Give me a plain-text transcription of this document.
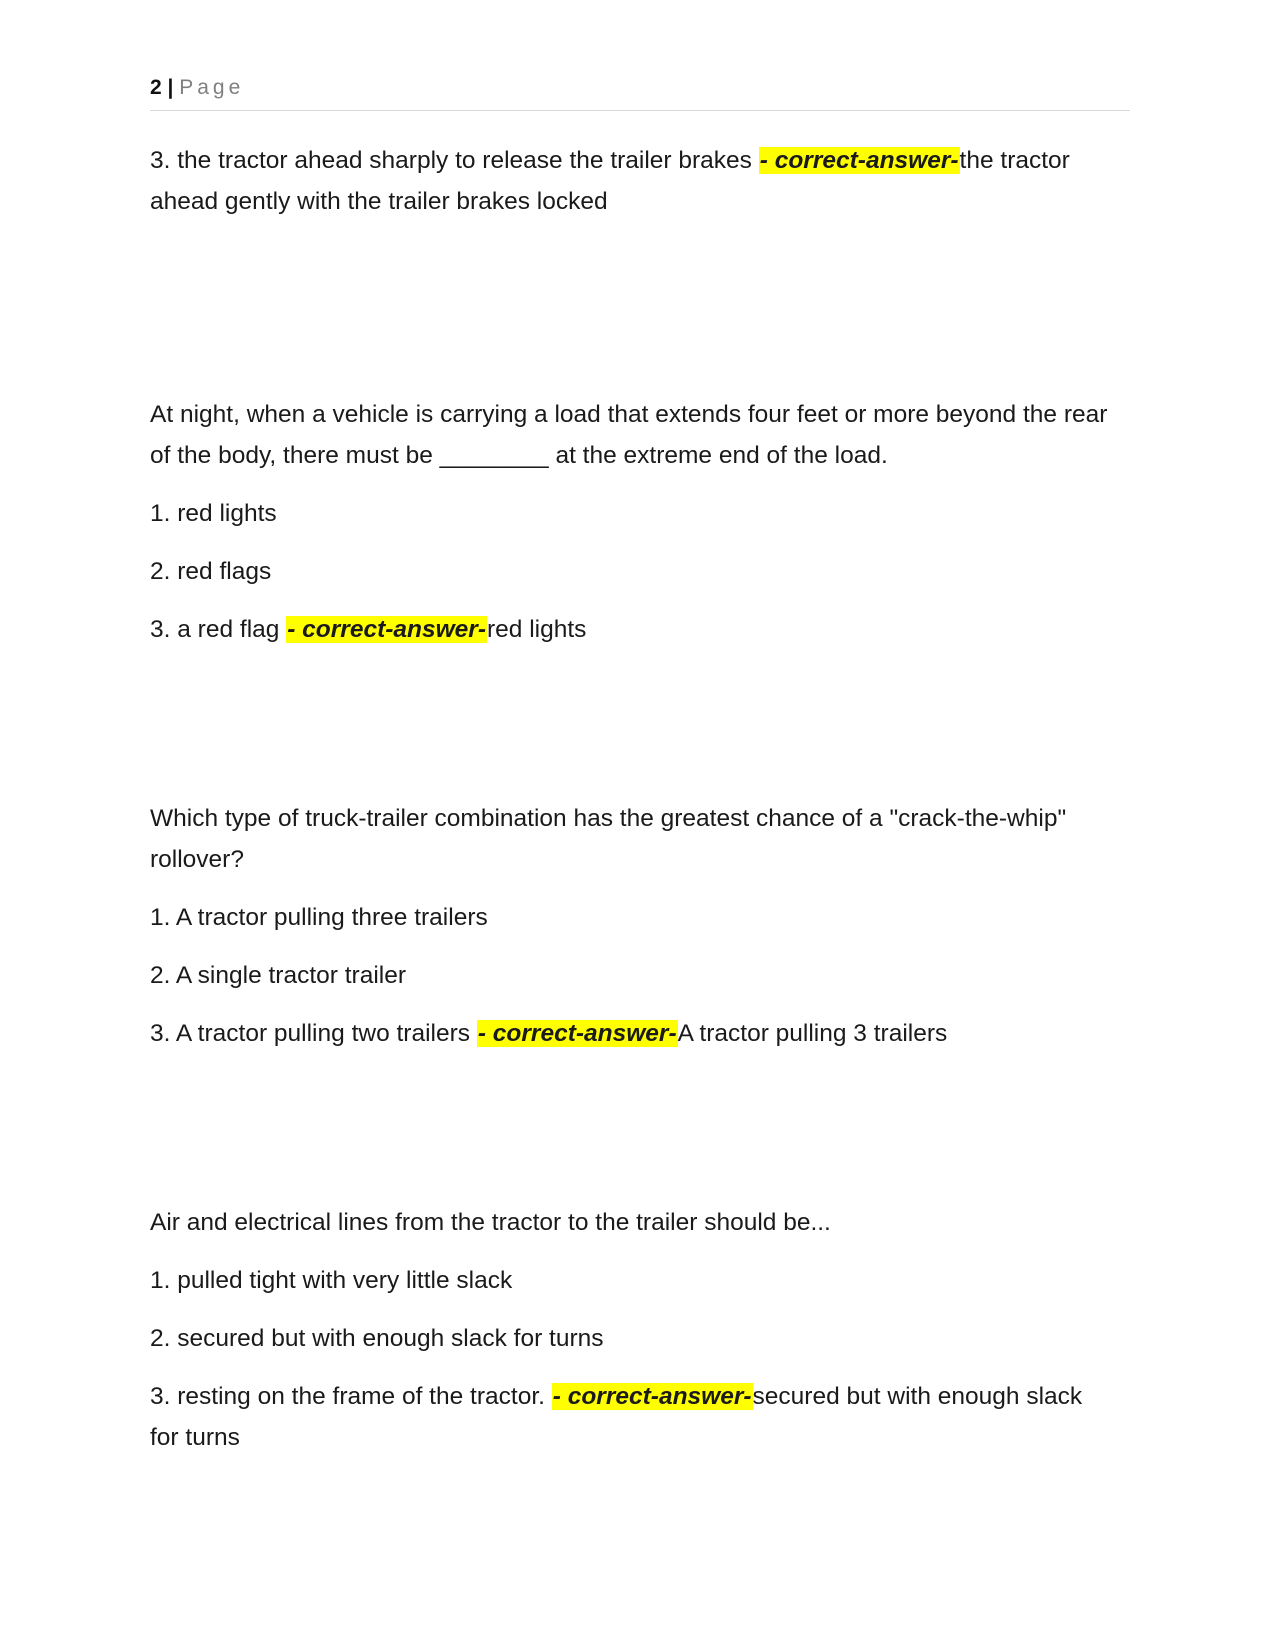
2 | Page

3. the tractor ahead sharply to release the trailer brakes - correct-answer-the tractor ahead gently with the trailer brakes locked

At night, when a vehicle is carrying a load that extends four feet or more beyond the rear of the body, there must be ________ at the extreme end of the load.

1. red lights

2. red flags

3. a red flag - correct-answer-red lights

Which type of truck-trailer combination has the greatest chance of a "crack-the-whip" rollover?

1. A tractor pulling three trailers

2. A single tractor trailer

3. A tractor pulling two trailers - correct-answer-A tractor pulling 3 trailers

Air and electrical lines from the tractor to the trailer should be...

1. pulled tight with very little slack

2. secured but with enough slack for turns

3. resting on the frame of the tractor. - correct-answer-secured but with enough slack for turns
